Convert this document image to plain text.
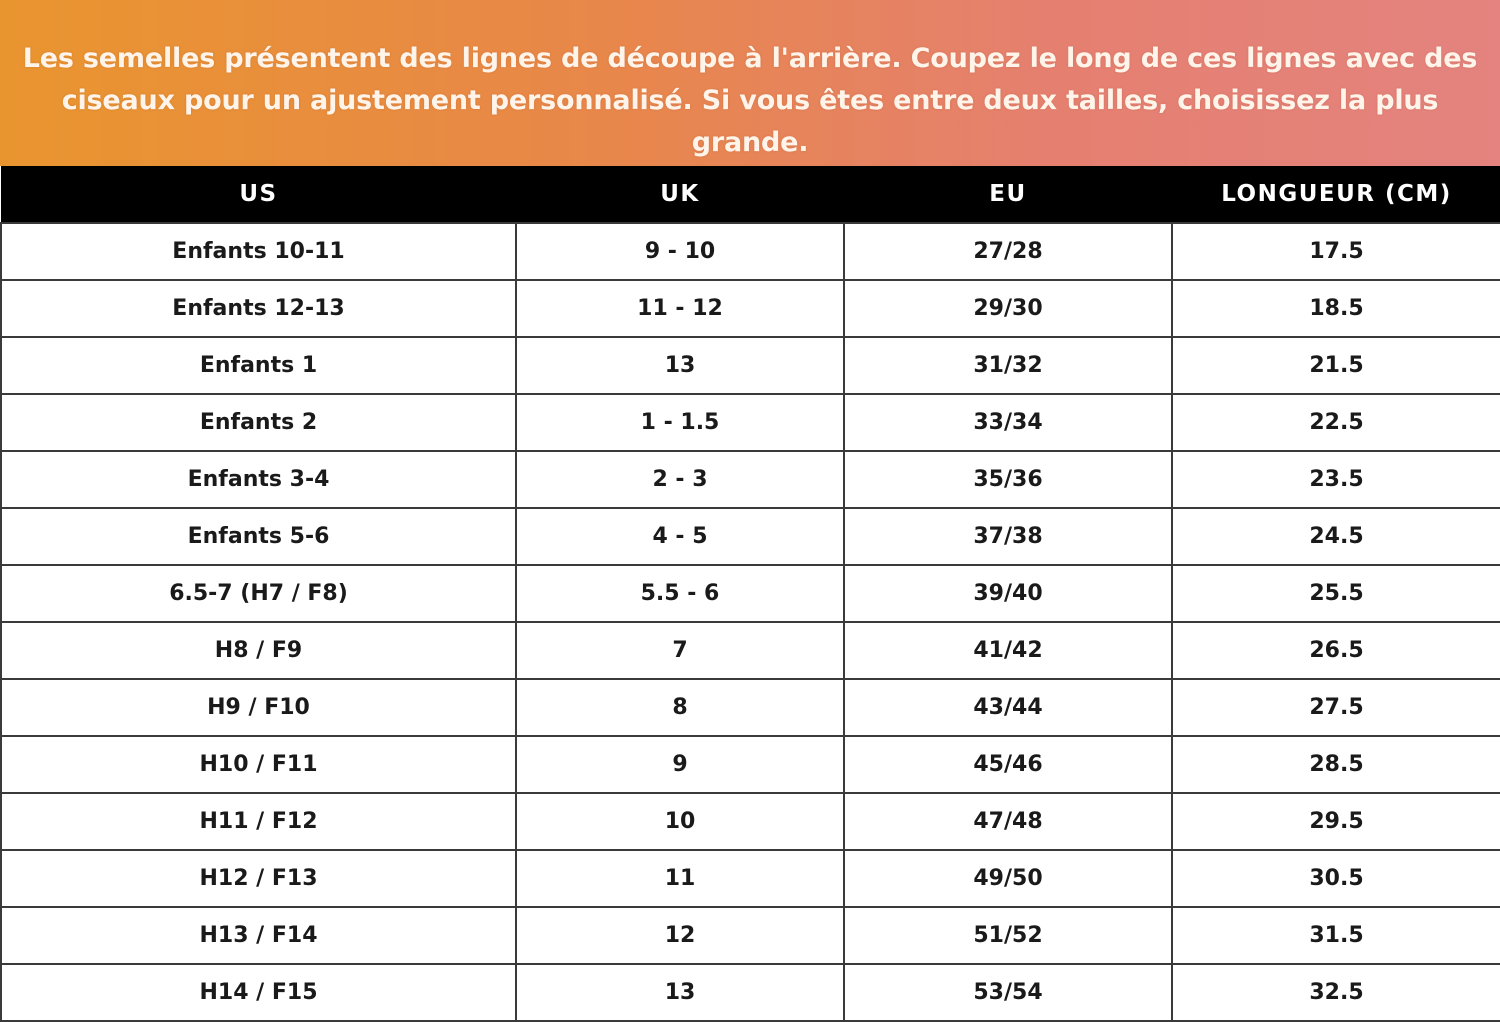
Les semelles présentent des lignes de découpe à l'arrière. Coupez le long de ces lignes avec des ciseaux pour un ajustement personnalisé. Si vous êtes entre deux tailles, choisissez la plus grande.

US	UK	EU	LONGUEUR (CM)
Enfants 10-11	9 - 10	27/28	17.5
Enfants 12-13	11 - 12	29/30	18.5
Enfants 1	13	31/32	21.5
Enfants 2	1 - 1.5	33/34	22.5
Enfants 3-4	2 - 3	35/36	23.5
Enfants 5-6	4 - 5	37/38	24.5
6.5-7 (H7 / F8)	5.5 - 6	39/40	25.5
H8 / F9	7	41/42	26.5
H9 / F10	8	43/44	27.5
H10 / F11	9	45/46	28.5
H11 / F12	10	47/48	29.5
H12 / F13	11	49/50	30.5
H13 / F14	12	51/52	31.5
H14 / F15	13	53/54	32.5
